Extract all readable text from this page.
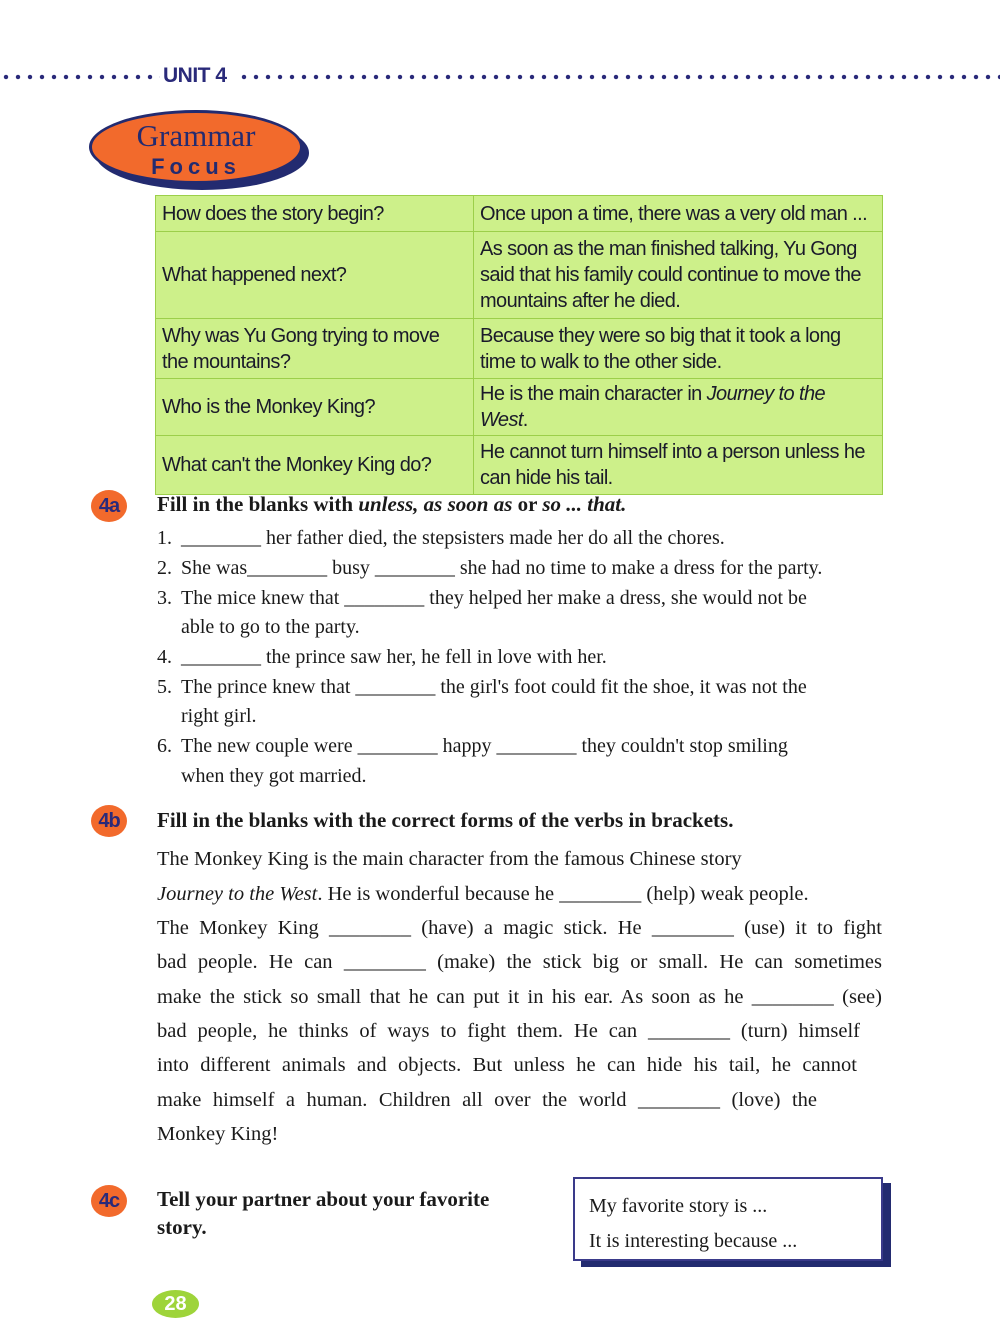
UNIT 4
Grammar
Focus
How does the story begin?	Once upon a time, there was a very old man ...
What happened next?	As soon as the man finished talking, Yu Gong said that his family could continue to move the mountains after he died.
Why was Yu Gong trying to move the mountains?	Because they were so big that it took a long time to walk to the other side.
Who is the Monkey King?	He is the main character in Journey to the West.
What can't the Monkey King do?	He cannot turn himself into a person unless he can hide his tail.
4a	Fill in the blanks with unless, as soon as or so ... that.
1. ________ her father died, the stepsisters made her do all the chores.
2. She was________ busy ________ she had no time to make a dress for the party.
3. The mice knew that ________ they helped her make a dress, she would not be
able to go to the party.
4. ________ the prince saw her, he fell in love with her.
5. The prince knew that ________ the girl's foot could fit the shoe, it was not the
right girl.
6. The new couple were ________ happy ________ they couldn't stop smiling
when they got married.
4b	Fill in the blanks with the correct forms of the verbs in brackets.
The Monkey King is the main character from the famous Chinese story
Journey to the West. He is wonderful because he ________ (help) weak people.
The Monkey King ________ (have) a magic stick. He ________ (use) it to fight
bad people. He can ________ (make) the stick big or small. He can sometimes
make the stick so small that he can put it in his ear. As soon as he ________ (see)
bad people, he thinks of ways to fight them. He can ________ (turn) himself
into different animals and objects. But unless he can hide his tail, he cannot
make himself a human. Children all over the world ________ (love) the
Monkey King!
4c	Tell your partner about your favorite
story.
My favorite story is ...
It is interesting because ...
28
